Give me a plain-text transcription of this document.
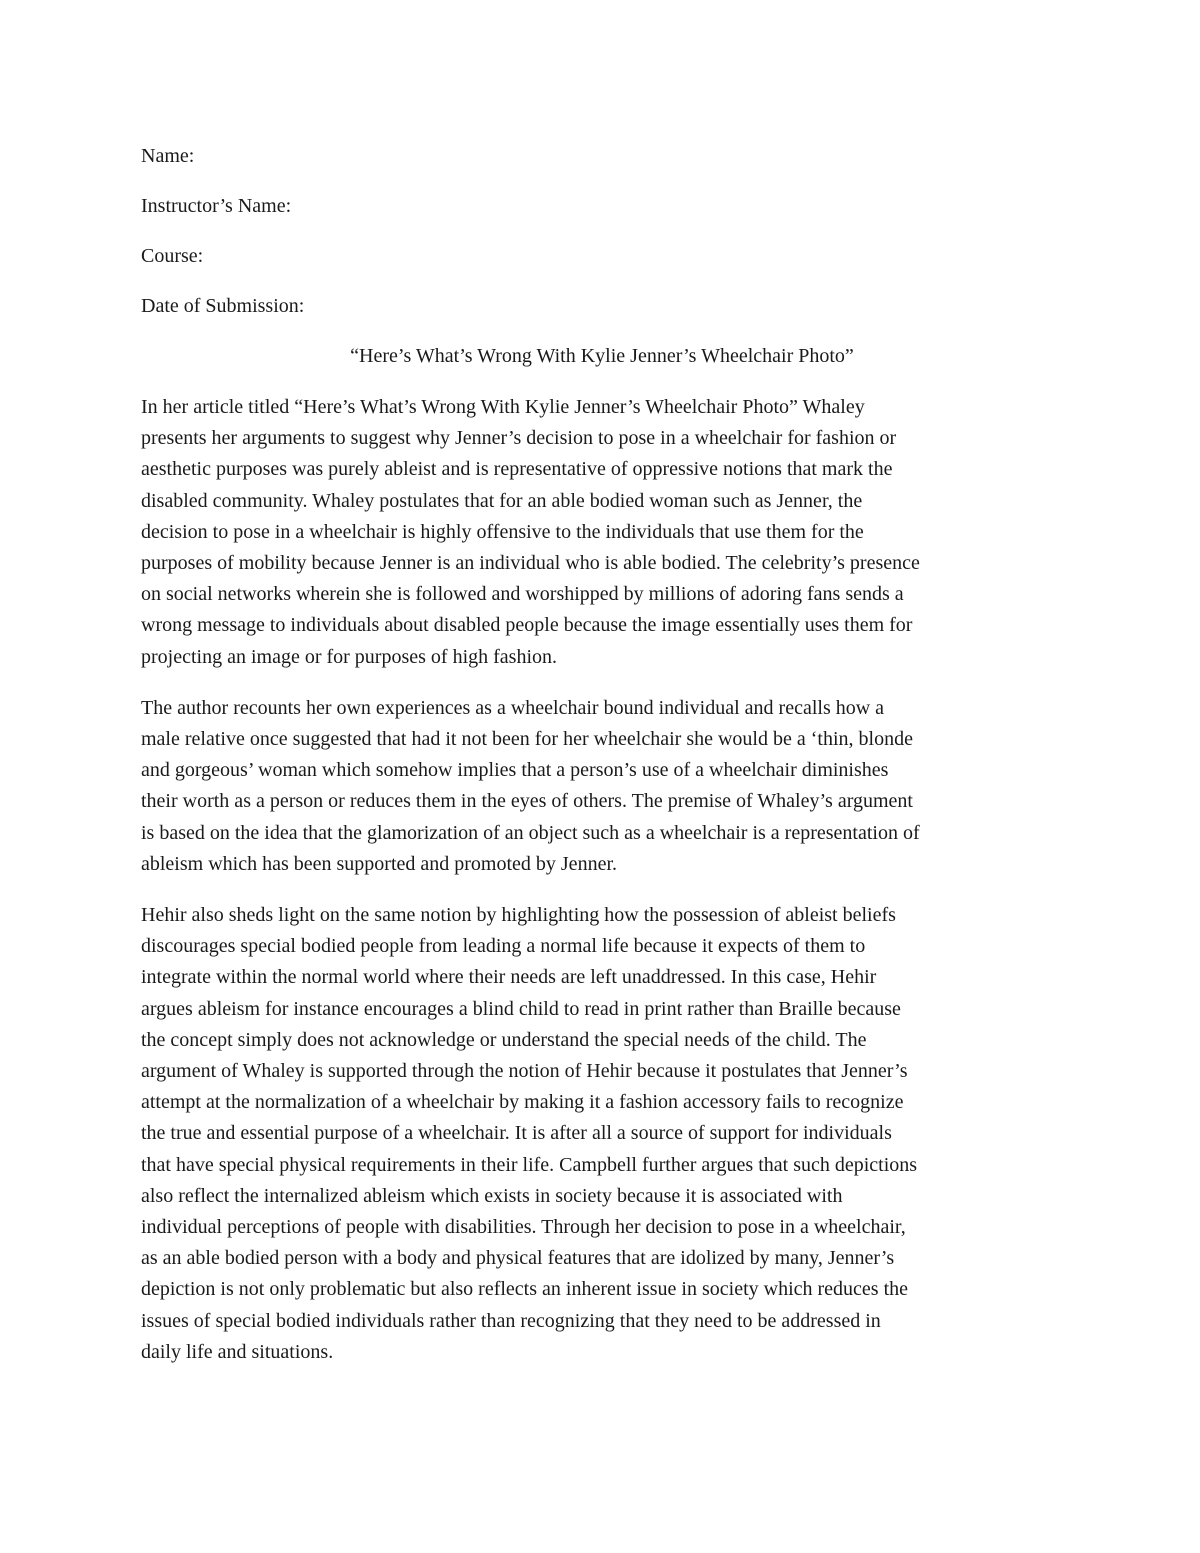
Name:
Instructor’s Name:
Course:
Date of Submission:
“Here’s What’s Wrong With Kylie Jenner’s Wheelchair Photo”
In her article titled “Here’s What’s Wrong With Kylie Jenner’s Wheelchair Photo” Whaley
presents her arguments to suggest why Jenner’s decision to pose in a wheelchair for fashion or
aesthetic purposes was purely ableist and is representative of oppressive notions that mark the
disabled community. Whaley postulates that for an able bodied woman such as Jenner, the
decision to pose in a wheelchair is highly offensive to the individuals that use them for the
purposes of mobility because Jenner is an individual who is able bodied. The celebrity’s presence
on social networks wherein she is followed and worshipped by millions of adoring fans sends a
wrong message to individuals about disabled people because the image essentially uses them for
projecting an image or for purposes of high fashion.
The author recounts her own experiences as a wheelchair bound individual and recalls how a
male relative once suggested that had it not been for her wheelchair she would be a ‘thin, blonde
and gorgeous’ woman which somehow implies that a person’s use of a wheelchair diminishes
their worth as a person or reduces them in the eyes of others. The premise of Whaley’s argument
is based on the idea that the glamorization of an object such as a wheelchair is a representation of
ableism which has been supported and promoted by Jenner.
Hehir also sheds light on the same notion by highlighting how the possession of ableist beliefs
discourages special bodied people from leading a normal life because it expects of them to
integrate within the normal world where their needs are left unaddressed. In this case, Hehir
argues ableism for instance encourages a blind child to read in print rather than Braille because
the concept simply does not acknowledge or understand the special needs of the child. The
argument of Whaley is supported through the notion of Hehir because it postulates that Jenner’s
attempt at the normalization of a wheelchair by making it a fashion accessory fails to recognize
the true and essential purpose of a wheelchair. It is after all a source of support for individuals
that have special physical requirements in their life. Campbell further argues that such depictions
also reflect the internalized ableism which exists in society because it is associated with
individual perceptions of people with disabilities. Through her decision to pose in a wheelchair,
as an able bodied person with a body and physical features that are idolized by many, Jenner’s
depiction is not only problematic but also reflects an inherent issue in society which reduces the
issues of special bodied individuals rather than recognizing that they need to be addressed in
daily life and situations.
